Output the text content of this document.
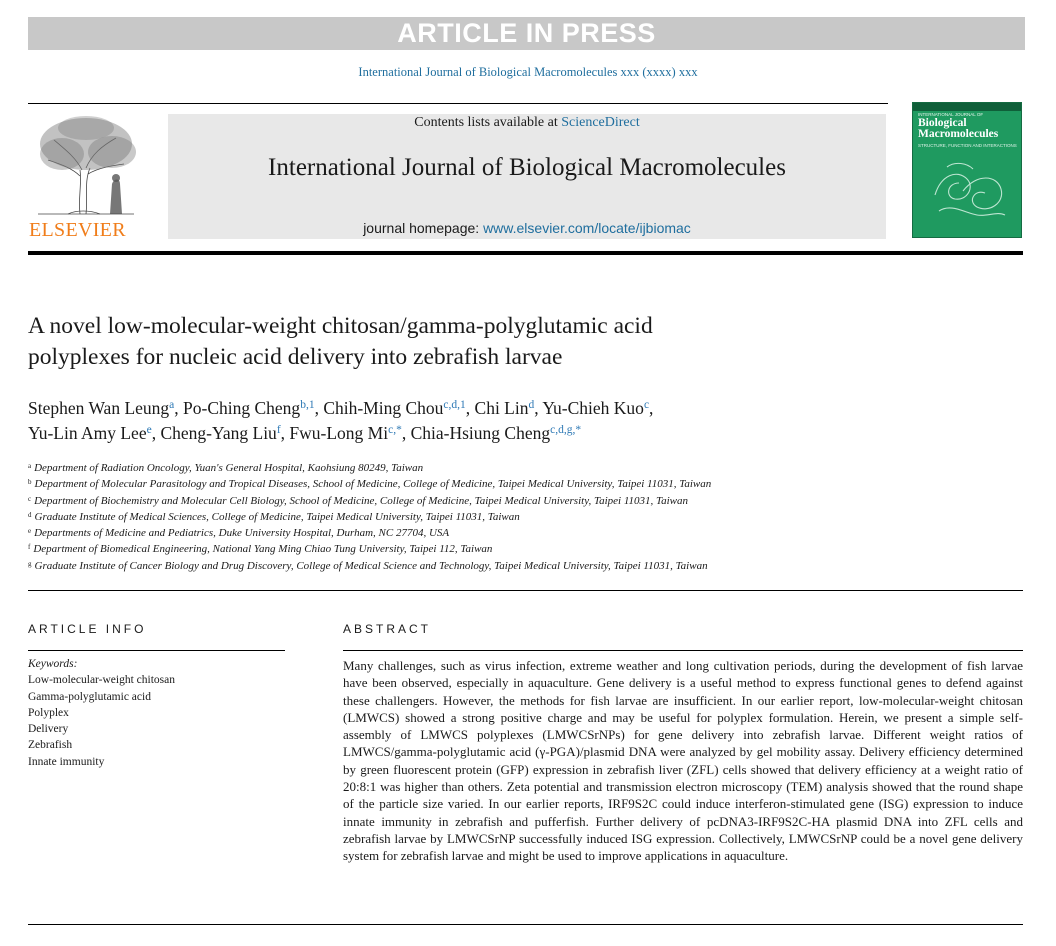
ARTICLE IN PRESS
International Journal of Biological Macromolecules xxx (xxxx) xxx
ELSEVIER
Contents lists available at ScienceDirect
International Journal of Biological Macromolecules
journal homepage: www.elsevier.com/locate/ijbiomac
INTERNATIONAL JOURNAL OF
Biological
Macromolecules
STRUCTURE, FUNCTION AND INTERACTIONS
A novel low-molecular-weight chitosan/gamma-polyglutamic acid
polyplexes for nucleic acid delivery into zebrafish larvae
Stephen Wan Leung$^a$, Po-Ching Cheng$^{b,1}$, Chih-Ming Chou$^{c,d,1}$, Chi Lin$^d$, Yu-Chieh Kuo$^c$,
Yu-Lin Amy Lee$^e$, Cheng-Yang Liu$^f$, Fwu-Long $Mi^{c,*}$, Chia-Hsiung Cheng$^{c,d,g,*}$
$^a$ Department of Radiation Oncology, Yuan's General Hospital, Kaohsiung 80249, Taiwan
$^b$ Department of Molecular Parasitology and Tropical Diseases, School of Medicine, College of Medicine, Taipei Medical University, Taipei 11031, Taiwan
$^c$ Department of Biochemistry and Molecular Cell Biology, School of Medicine, College of Medicine, Taipei Medical University, Taipei 11031, Taiwan
$^d$ Graduate Institute of Medical Sciences, College of Medicine, Taipei Medical University, Taipei 11031, Taiwan
$^e$ Departments of Medicine and Pediatrics, Duke University Hospital, Durham, NC 27704, USA
$^f$ Department of Biomedical Engineering, National Yang Ming Chiao Tung University, Taipei 112, Taiwan
$^g$ Graduate Institute of Cancer Biology and Drug Discovery, College of Medical Science and Technology, Taipei Medical University, Taipei 11031, Taiwan
ARTICLE INFO
Keywords:
Low-molecular-weight chitosan
Gamma-polyglutamic acid
Polyplex
Delivery
Zebrafish
Innate immunity
ABSTRACT
Many challenges, such as virus infection, extreme weather and long cultivation periods, during the development of fish larvae have been observed, especially in aquaculture. Gene delivery is a useful method to express functional genes to defend against these challengers. However, the methods for fish larvae are insufficient. In our earlier report, low-molecular-weight chitosan (LMWCS) showed a strong positive charge and may be useful for polyplex formulation. Herein, we present a simple self-assembly of LMWCS polyplexes (LMWCSrNPs) for gene delivery into zebrafish larvae. Different weight ratios of LMWCS/gamma-polyglutamic acid (γ-PGA)/plasmid DNA were analyzed by gel mobility assay. Delivery efficiency determined by green fluorescent protein (GFP) expression in zebrafish liver (ZFL) cells showed that delivery efficiency at a weight ratio of 20:8:1 was higher than others. Zeta potential and transmission electron microscopy (TEM) analysis showed that the round shape of the particle size varied. In our earlier reports, IRF9S2C could induce interferon-stimulated gene (ISG) expression to induce innate immunity in zebrafish and pufferfish. Further delivery of pcDNA3-IRF9S2C-HA plasmid DNA into ZFL cells and zebrafish larvae by LMWCSrNP successfully induced ISG expression. Collectively, LMWCSrNP could be a novel gene delivery system for zebrafish larvae and might be used to improve applications in aquaculture.
